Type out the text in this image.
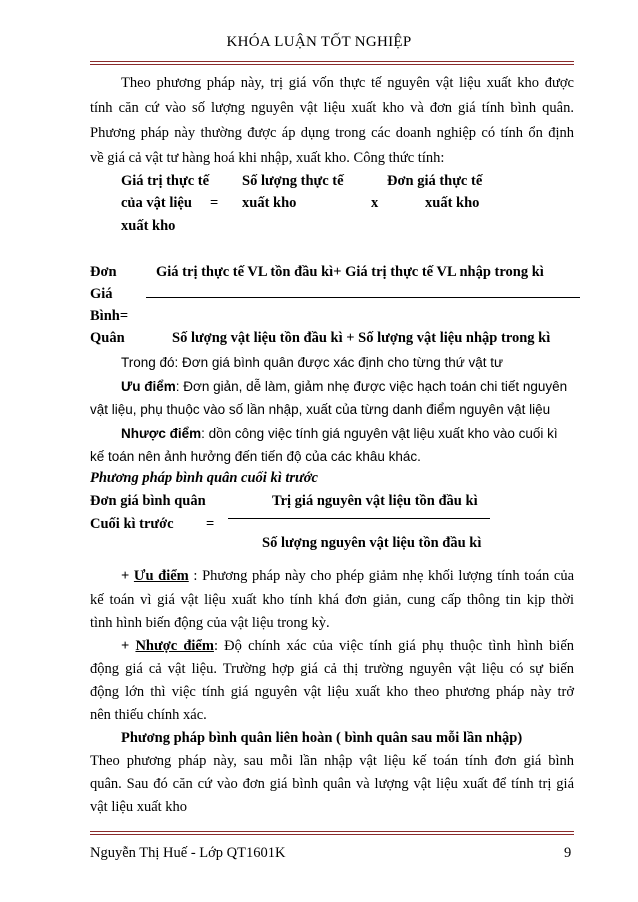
KHÓA LUẬN TỐT NGHIỆP
Theo phương pháp này, trị giá vốn thực tế nguyên vật liệu xuất kho được
tính căn cứ vào số lượng nguyên vật liệu xuất kho và đơn giá tính bình quân.
Phương pháp này thường được áp dụng trong các doanh nghiệp có tính ổn định
về giá cả vật tư hàng hoá khi nhập, xuất kho. Công thức tính:
Giá trị thực tế
của vật liệu
xuất kho
=
Số lượng thực tế
xuất kho	x
Đơn giá thực tế
xuất kho
Đơn
Giá
Bình=
Quân
Giá trị thực tế VL tồn đầu kì+ Giá trị thực tế VL nhập trong kì
Số lượng vật liệu tồn đầu kì + Số lượng vật liệu nhập trong kì
Trong đó: Đơn giá bình quân được xác định cho từng thứ vật tư
Ưu điểm: Đơn giản, dễ làm, giảm nhẹ được việc hạch toán chi tiết nguyên
vật liệu, phụ thuộc vào số lần nhập, xuất của từng danh điểm nguyên vật liệu
Nhược điểm: dồn công việc tính giá nguyên vật liệu xuất kho vào cuối kì
kế toán nên ảnh hưởng đến tiến độ của các khâu khác.
Phương pháp bình quân cuối kì trước
Đơn giá bình quân
Cuối kì trước =
Trị giá nguyên vật liệu tồn đầu kì
Số lượng nguyên vật liệu tồn đầu kì
+ Ưu điểm : Phương pháp này cho phép giảm nhẹ khối lượng tính toán của
kế toán vì giá vật liệu xuất kho tính khá đơn giản, cung cấp thông tin kịp thời
tình hình biến động của vật liệu trong kỳ.
+ Nhược điểm: Độ chính xác của việc tính giá phụ thuộc tình hình biến
động giá cả vật liệu. Trường hợp giá cả thị trường nguyên vật liệu có sự biến
động lớn thì việc tính giá nguyên vật liệu xuất kho theo phương pháp này trở
nên thiếu chính xác.
Phương pháp bình quân liên hoàn ( bình quân sau mỗi lần nhập)
Theo phương pháp này, sau mỗi lần nhập vật liệu kế toán tính đơn giá bình
quân. Sau đó căn cứ vào đơn giá bình quân và lượng vật liệu xuất để tính trị giá
vật liệu xuất kho
Nguyễn Thị Huế - Lớp QT1601K	9
